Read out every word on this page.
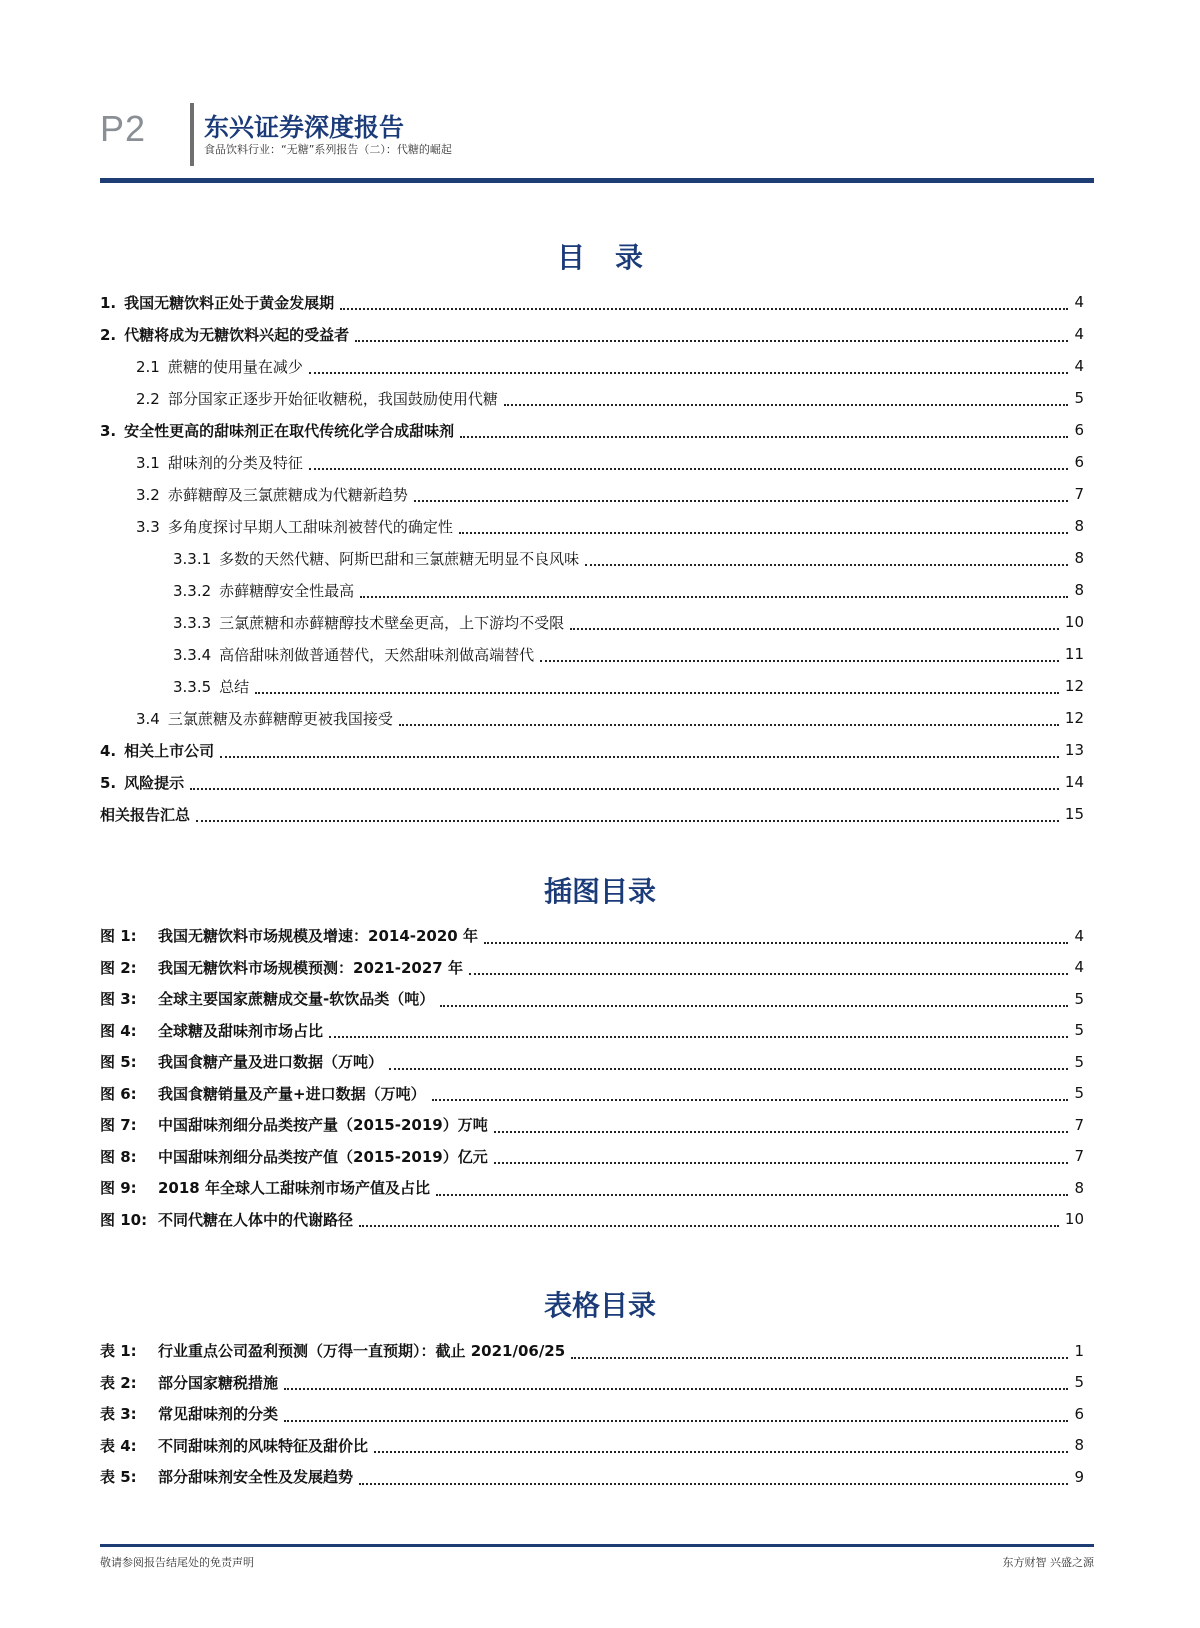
P2 东兴证券深度报告
食品饮料行业：“无糖”系列报告（二）：代糖的崛起
目录
1. 我国无糖饮料正处于黄金发展期	4
2. 代糖将成为无糖饮料兴起的受益者	4
2.1 蔗糖的使用量在减少	4
2.2 部分国家正逐步开始征收糖税，我国鼓励使用代糖	5
3. 安全性更高的甜味剂正在取代传统化学合成甜味剂	6
3.1 甜味剂的分类及特征	6
3.2 赤藓糖醇及三氯蔗糖成为代糖新趋势	7
3.3 多角度探讨早期人工甜味剂被替代的确定性	8
3.3.1 多数的天然代糖、阿斯巴甜和三氯蔗糖无明显不良风味	8
3.3.2 赤藓糖醇安全性最高	8
3.3.3 三氯蔗糖和赤藓糖醇技术壁垒更高，上下游均不受限	10
3.3.4 高倍甜味剂做普通替代，天然甜味剂做高端替代	11
3.3.5 总结	12
3.4 三氯蔗糖及赤藓糖醇更被我国接受	12
4. 相关上市公司	13
5. 风险提示	14
相关报告汇总	15
插图目录
图 1: 我国无糖饮料市场规模及增速：2014-2020 年	4
图 2: 我国无糖饮料市场规模预测：2021-2027 年	4
图 3: 全球主要国家蔗糖成交量-软饮品类（吨）	5
图 4: 全球糖及甜味剂市场占比	5
图 5: 我国食糖产量及进口数据（万吨）	5
图 6: 我国食糖销量及产量+进口数据（万吨）	5
图 7: 中国甜味剂细分品类按产量（2015-2019）万吨	7
图 8: 中国甜味剂细分品类按产值（2015-2019）亿元	7
图 9: 2018 年全球人工甜味剂市场产值及占比	8
图 10: 不同代糖在人体中的代谢路径	10
表格目录
表 1: 行业重点公司盈利预测（万得一直预期）：截止 2021/06/25	1
表 2: 部分国家糖税措施	5
表 3: 常见甜味剂的分类	6
表 4: 不同甜味剂的风味特征及甜价比	8
表 5: 部分甜味剂安全性及发展趋势	9
敬请参阅报告结尾处的免责声明	东方财智 兴盛之源
